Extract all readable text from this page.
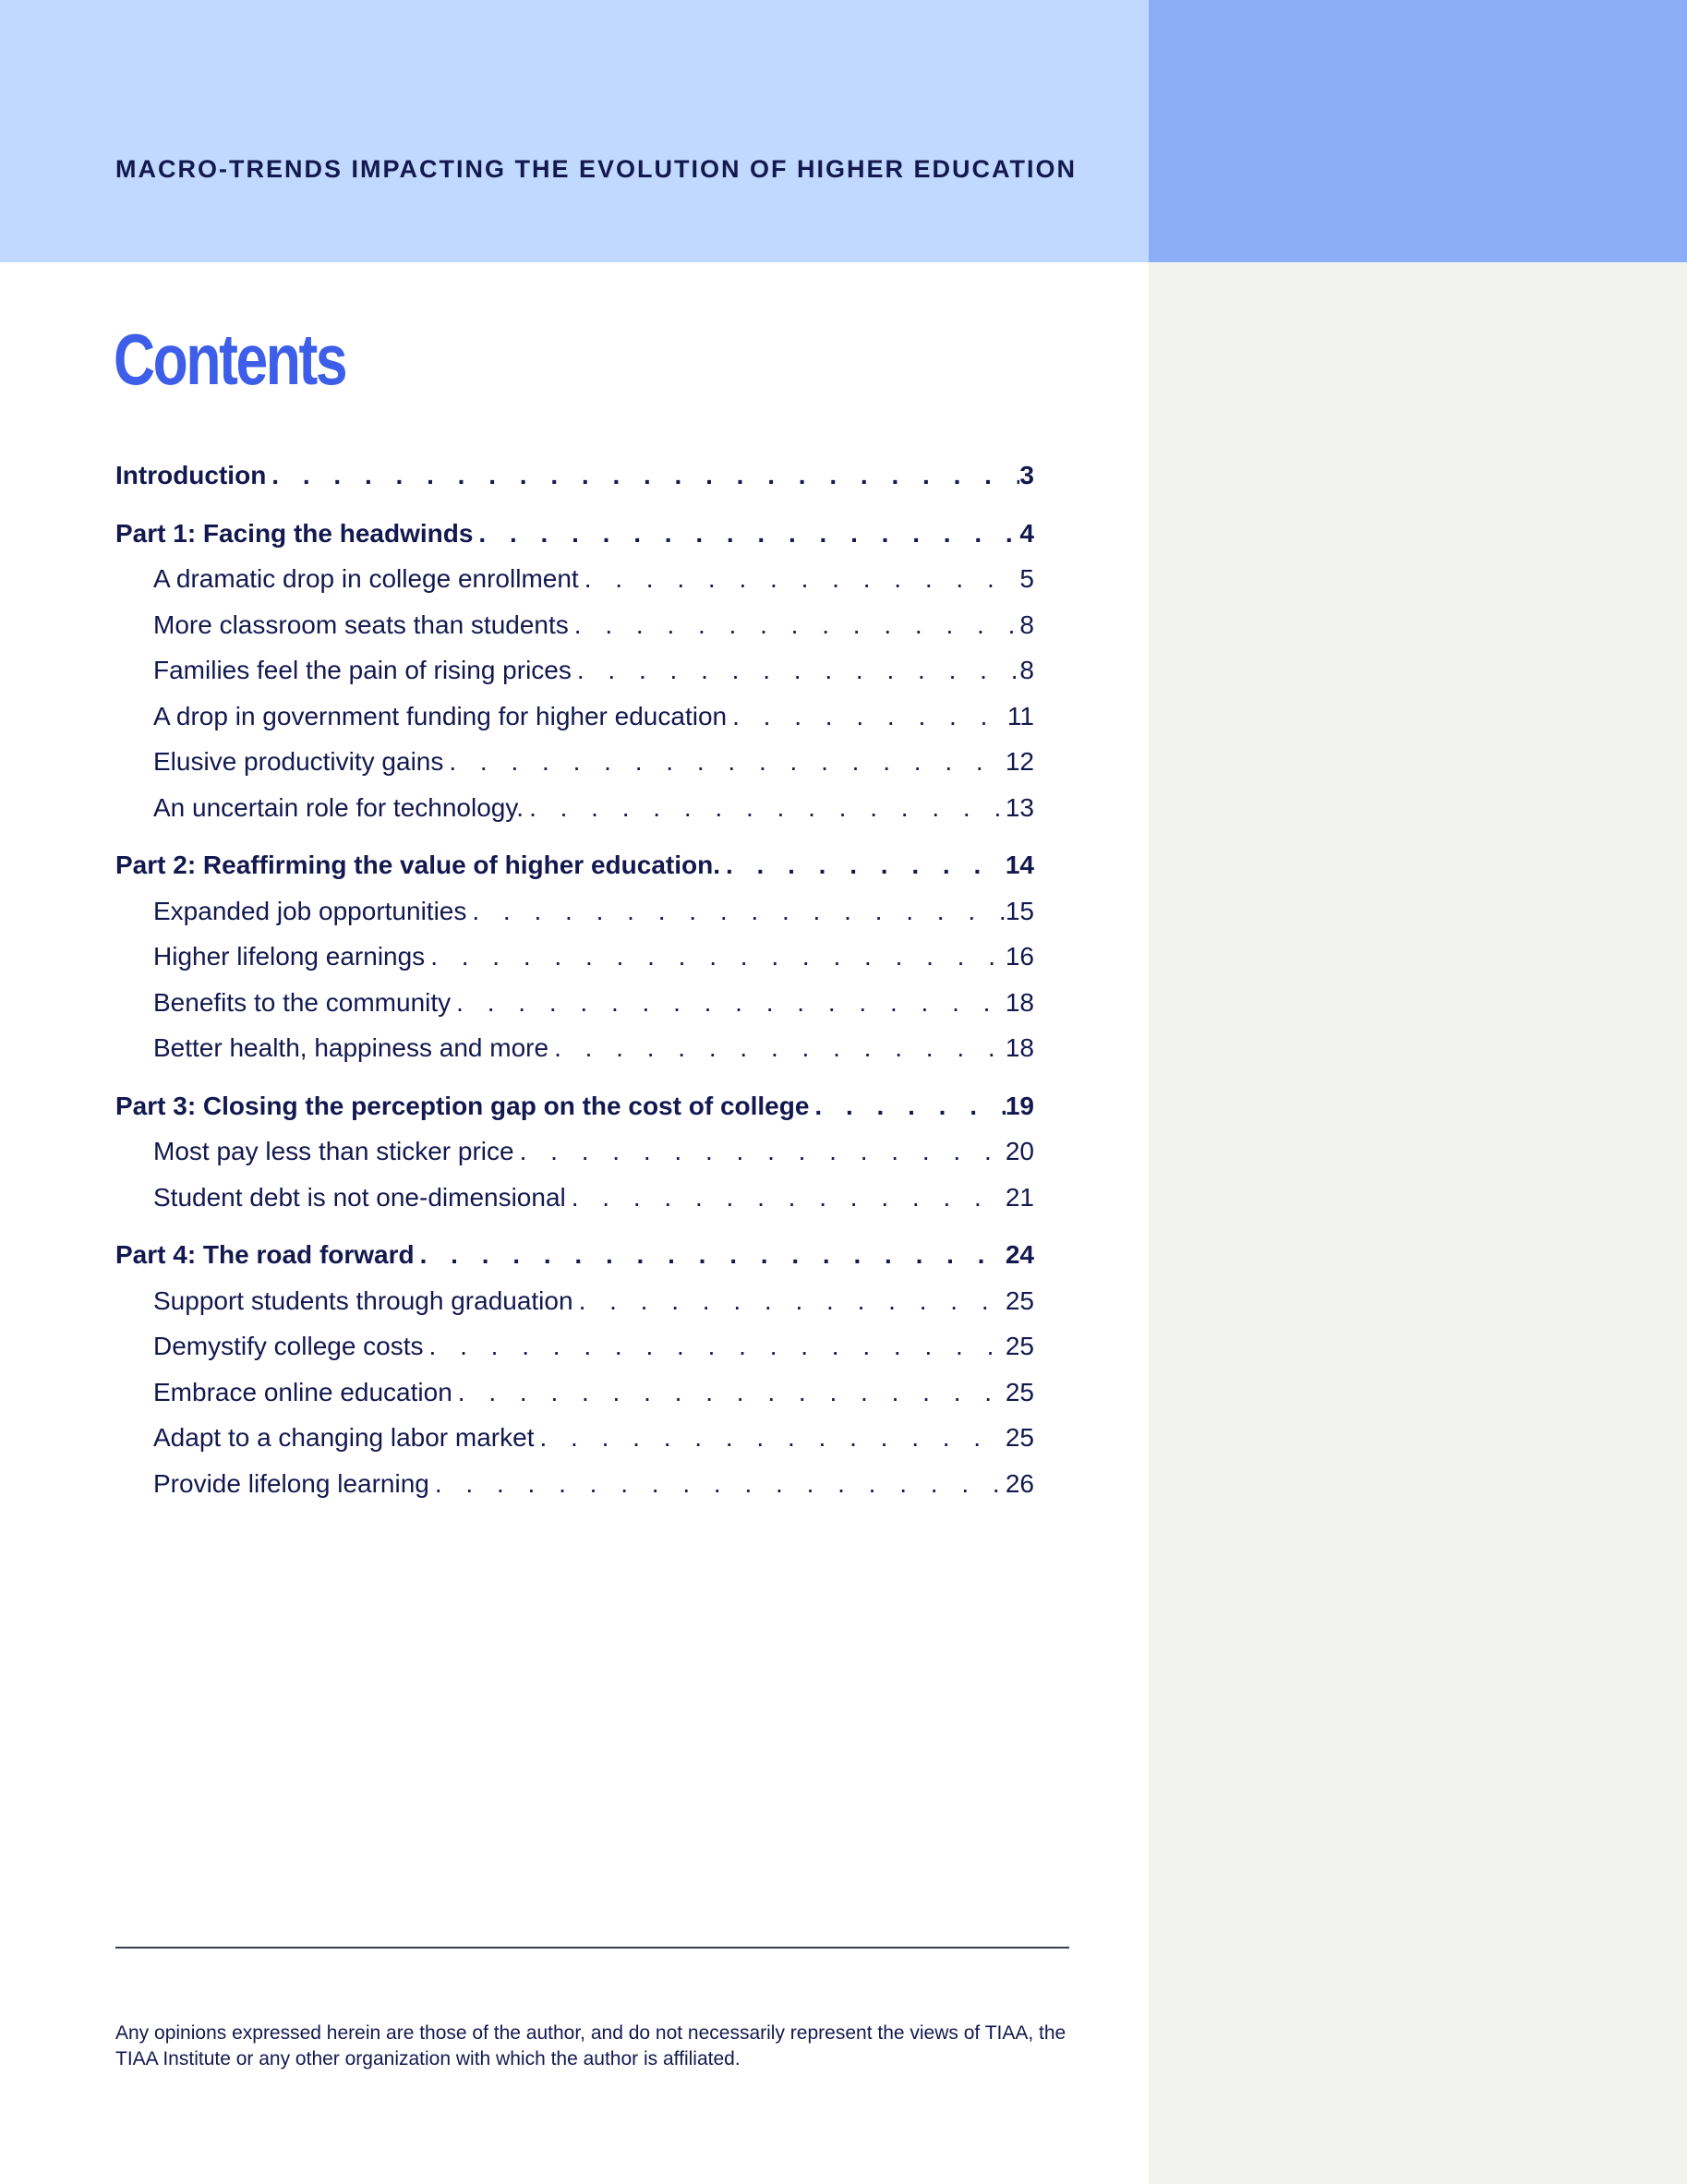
MACRO-TRENDS IMPACTING THE EVOLUTION OF HIGHER EDUCATION
Contents
Introduction . . .	3
Part 1: Facing the headwinds . . .	4
A dramatic drop in college enrollment . . .	5
More classroom seats than students . . .	8
Families feel the pain of rising prices . . .	8
A drop in government funding for higher education . . .	11
Elusive productivity gains . . .	12
An uncertain role for technology. . . .	13
Part 2: Reaffirming the value of higher education. . . .	14
Expanded job opportunities . . .	15
Higher lifelong earnings . . .	16
Benefits to the community . . .	18
Better health, happiness and more . . .	18
Part 3: Closing the perception gap on the cost of college . . .	19
Most pay less than sticker price . . .	20
Student debt is not one-dimensional . . .	21
Part 4: The road forward . . .	24
Support students through graduation . . .	25
Demystify college costs . . .	25
Embrace online education . . .	25
Adapt to a changing labor market . . .	25
Provide lifelong learning . . .	26

Any opinions expressed herein are those of the author, and do not necessarily represent the views of TIAA, the TIAA Institute or any other organization with which the author is affiliated.
